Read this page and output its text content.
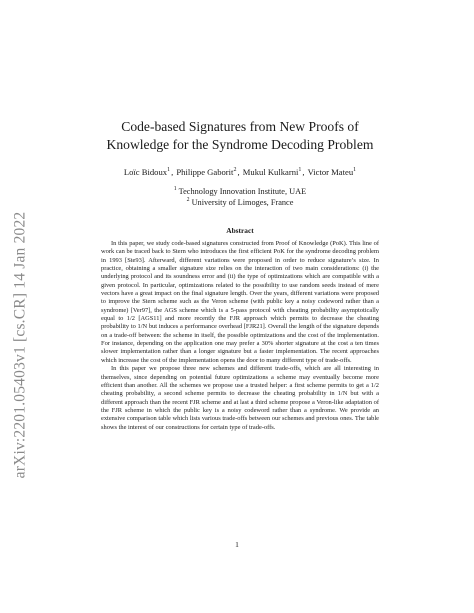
arXiv:2201.05403v1 [cs.CR] 14 Jan 2022
Code-based Signatures from New Proofs of
Knowledge for the Syndrome Decoding Problem
Loïc Bidoux$^1$, Philippe Gaborit$^2$, Mukul Kulkarni$^1$, Victor Mateu$^1$
$^1$ Technology Innovation Institute, UAE
$^2$ University of Limoges, France
Abstract

In this paper, we study code-based signatures constructed from Proof of Knowledge (PoK). This line of work can be traced back to Stern who introduces the first efficient PoK for the syndrome decoding problem in 1993 [Ste93]. Afterward, different variations were proposed in order to reduce signature’s size. In practice, obtaining a smaller signature size relies on the interaction of two main considerations: (i) the underlying protocol and its soundness error and (ii) the type of optimizations which are compatible with a given protocol. In particular, optimizations related to the possibility to use random seeds instead of mere vectors have a great impact on the final signature length. Over the years, different variations were proposed to improve the Stern scheme such as the Veron scheme (with public key a noisy codeword rather than a syndrome) [Ver97], the AGS scheme which is a 5-pass protocol with cheating probability asymptotically equal to 1/2 [AGS11] and more recently the FJR approach which permits to decrease the cheating probability to 1/N but induces a performance overhead [FJR21]. Overall the length of the signature depends on a trade-off between: the scheme in itself, the possible optimizations and the cost of the implementation. For instance, depending on the application one may prefer a 30% shorter signature at the cost a ten times slower implementation rather than a longer signature but a faster implementation. The recent approaches which increase the cost of the implementation opens the door to many different type of trade-offs.

In this paper we propose three new schemes and different trade-offs, which are all interesting in themselves, since depending on potential future optimizations a scheme may eventually become more efficient than another. All the schemes we propose use a trusted helper: a first scheme permits to get a 1/2 cheating probability, a second scheme permits to decrease the cheating probability in 1/N but with a different approach than the recent FJR scheme and at last a third scheme propose a Veron-like adaptation of the FJR scheme in which the public key is a noisy codeword rather than a syndrome. We provide an extensive comparison table which lists various trade-offs between our schemes and previous ones. The table shows the interest of our constructions for certain type of trade-offs.

1
